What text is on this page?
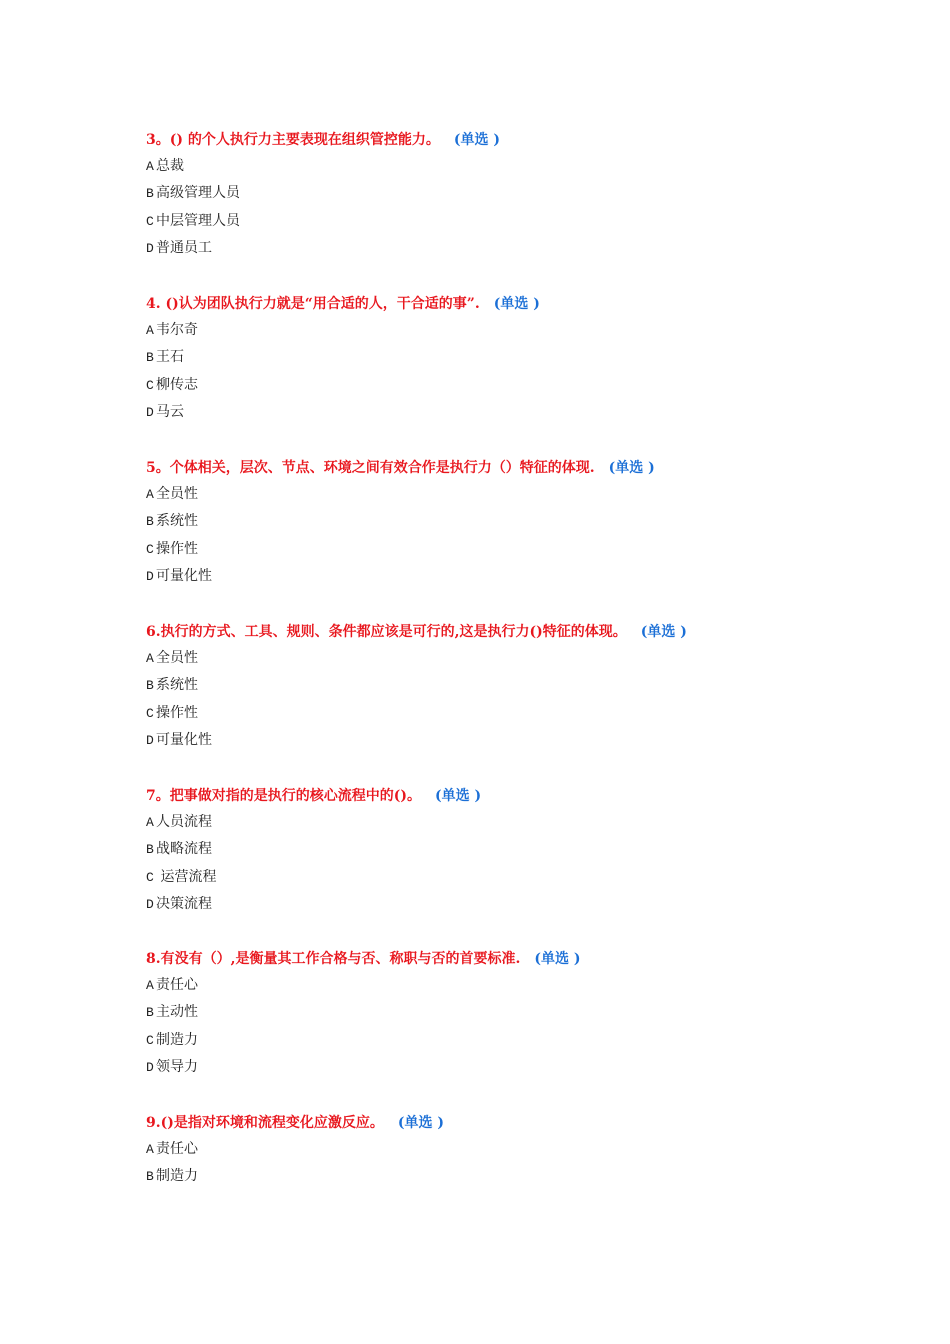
3。() 的个人执行力主要表现在组织管控能力。 (单选 )
A 总裁
B 高级管理人员
C 中层管理人员
D 普通员工
4. ()认为团队执行力就是“用合适的人，干合适的事”. (单选 )
A 韦尔奇
B 王石
C 柳传志
D 马云
5。个体相关，层次、节点、环境之间有效合作是执行力（）特征的体现. (单选 )
A 全员性
B 系统性
C 操作性
D 可量化性
6.执行的方式、工具、规则、条件都应该是可行的,这是执行力()特征的体现。 (单选 )
A 全员性
B 系统性
C 操作性
D 可量化性
7。把事做对指的是执行的核心流程中的()。 (单选 )
A 人员流程
B 战略流程
C 运营流程
D 决策流程
8.有没有（）,是衡量其工作合格与否、称职与否的首要标准. (单选 )
A 责任心
B 主动性
C 制造力
D 领导力
9.()是指对环境和流程变化应激反应。 (单选 )
A 责任心
B 制造力
